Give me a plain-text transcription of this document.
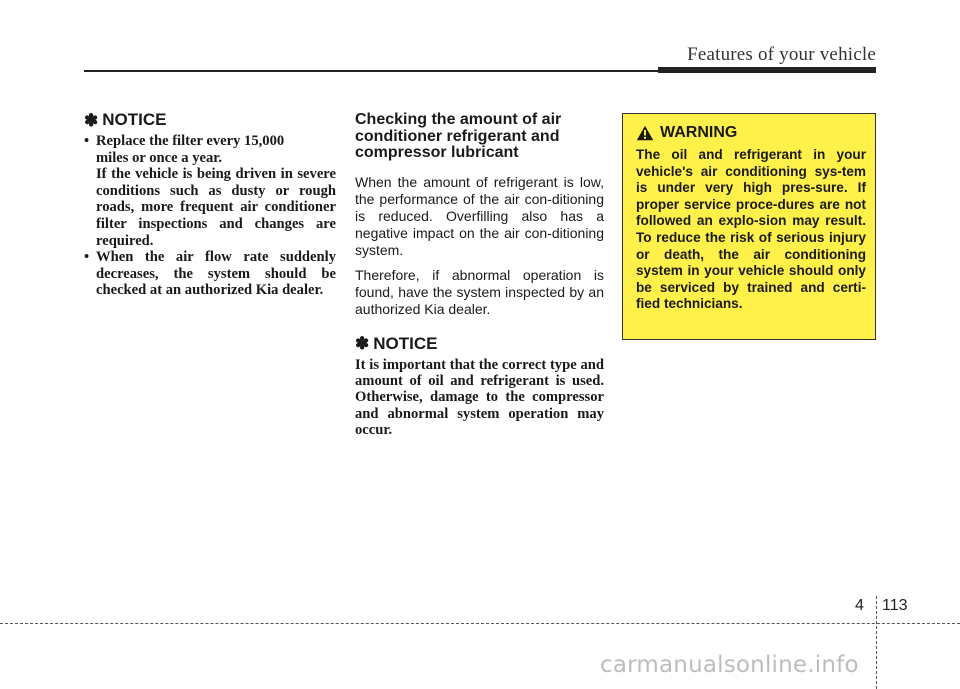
Features of your vehicle
✽ NOTICE
• Replace the filter every 15,000
miles or once a year.
If the vehicle is being driven in severe conditions such as dusty or rough roads, more frequent air conditioner filter inspections and changes are required.
• When the air flow rate suddenly decreases, the system should be checked at an authorized Kia dealer.
Checking the amount of air conditioner refrigerant and compressor lubricant

When the amount of refrigerant is low, the performance of the air con-ditioning is reduced. Overfilling also has a negative impact on the air con-ditioning system.

Therefore, if abnormal operation is found, have the system inspected by an authorized Kia dealer.

✽ NOTICE

It is important that the correct type and amount of oil and refrigerant is used. Otherwise, damage to the compressor and abnormal system operation may occur.

WARNING

The oil and refrigerant in your vehicle's air conditioning sys-tem is under very high pres-sure. If proper service proce-dures are not followed an explo-sion may result. To reduce the risk of serious injury or death, the air conditioning system in your vehicle should only be serviced by trained and certi-fied technicians.

4 113
carmanualsonline.info
